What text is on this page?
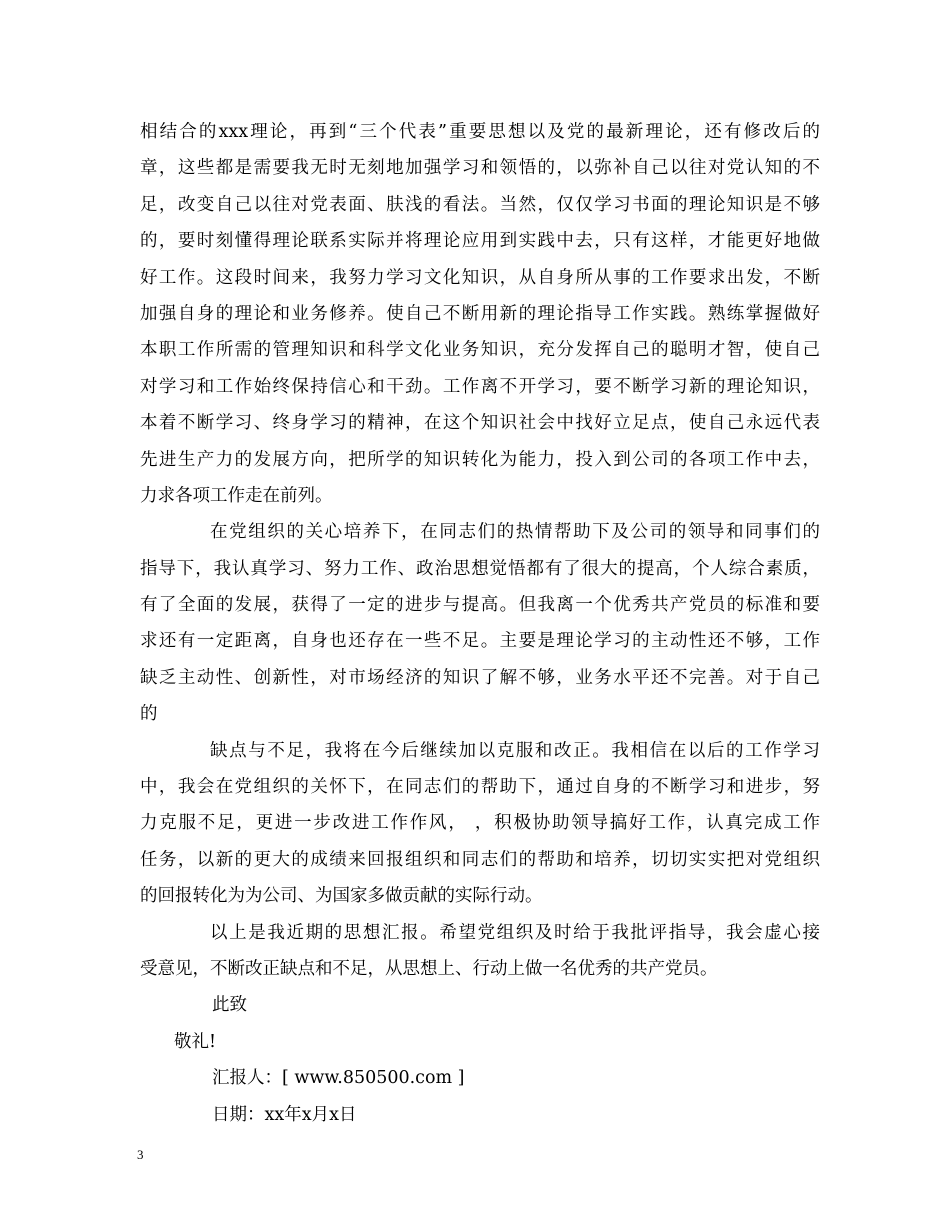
相结合的xxx理论，再到“三个代表”重要思想以及党的最新理论，还有修改后的
章，这些都是需要我无时无刻地加强学习和领悟的，以弥补自己以往对党认知的不
足，改变自己以往对党表面、肤浅的看法。当然，仅仅学习书面的理论知识是不够
的，要时刻懂得理论联系实际并将理论应用到实践中去，只有这样，才能更好地做
好工作。这段时间来，我努力学习文化知识，从自身所从事的工作要求出发，不断
加强自身的理论和业务修养。使自己不断用新的理论指导工作实践。熟练掌握做好
本职工作所需的管理知识和科学文化业务知识，充分发挥自己的聪明才智，使自己
对学习和工作始终保持信心和干劲。工作离不开学习，要不断学习新的理论知识，
本着不断学习、终身学习的精神，在这个知识社会中找好立足点，使自己永远代表
先进生产力的发展方向，把所学的知识转化为能力，投入到公司的各项工作中去，
力求各项工作走在前列。
在党组织的关心培养下，在同志们的热情帮助下及公司的领导和同事们的
指导下，我认真学习、努力工作、政治思想觉悟都有了很大的提高，个人综合素质，
有了全面的发展，获得了一定的进步与提高。但我离一个优秀共产党员的标准和要
求还有一定距离，自身也还存在一些不足。主要是理论学习的主动性还不够，工作
缺乏主动性、创新性，对市场经济的知识了解不够，业务水平还不完善。对于自己
的
缺点与不足，我将在今后继续加以克服和改正。我相信在以后的工作学习
中，我会在党组织的关怀下，在同志们的帮助下，通过自身的不断学习和进步，努
力克服不足，更进一步改进工作作风， ，积极协助领导搞好工作，认真完成工作
任务，以新的更大的成绩来回报组织和同志们的帮助和培养，切切实实把对党组织
的回报转化为为公司、为国家多做贡献的实际行动。
以上是我近期的思想汇报。希望党组织及时给于我批评指导，我会虚心接
受意见，不断改正缺点和不足，从思想上、行动上做一名优秀的共产党员。
此致
敬礼!
汇报人：[ www.850500.com ]
日期：xx年x月x日
3
